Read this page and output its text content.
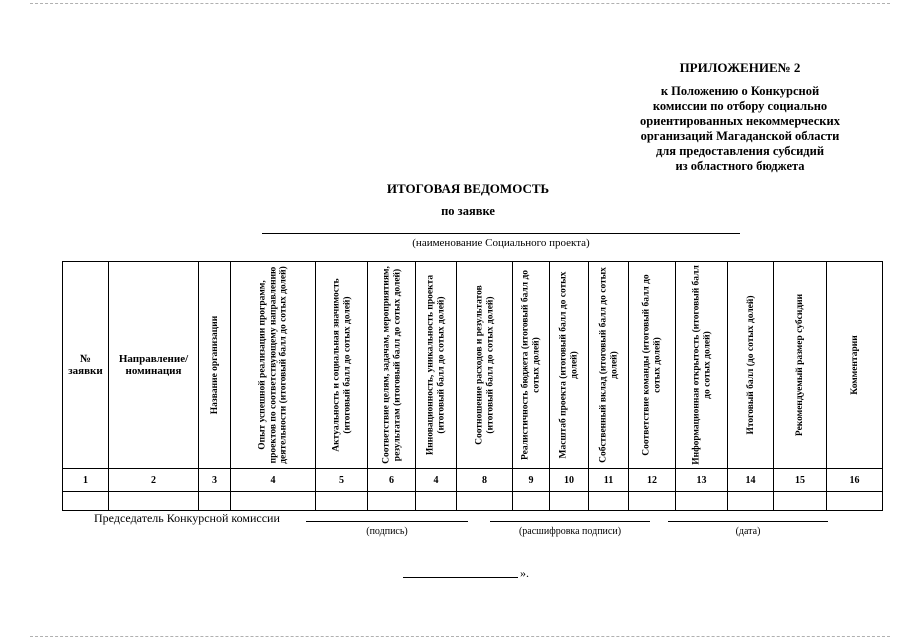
ПРИЛОЖЕНИЕ№ 2
к Положению о Конкурсной
комиссии по отбору социально
ориентированных некоммерческих
организаций Магаданской области
для предоставления субсидий
из областного бюджета
ИТОГОВАЯ ВЕДОМОСТЬ
по заявке
(наименование Социального проекта)
№ заявки	Направление/ номинация	Название организации	Опыт успешной реализации программ, проектов по соответствующему направлению деятельности (итоговый балл до сотых долей)	Актуальность и социальная значимость (итоговый балл до сотых долей)	Соответствие целям, задачам, мероприятиям, результатам (итоговый балл до сотых долей)	Инновационность, уникальность проекта (итоговый балл до сотых долей)	Соотношение расходов и результатов (итоговый балл до сотых долей)	Реалистичность бюджета (итоговый балл до сотых долей)	Масштаб проекта (итоговый балл до сотых долей)	Собственный вклад (итоговый балл до сотых долей)	Соответствие команды (итоговый балл до сотых долей)	Информационная открытость (итоговый балл до сотых долей)	Итоговый балл (до сотых долей)	Рекомендуемый размер субсидии	Комментарии

1	2	3	4	5	6	4	8	9	10	11	12	13	14	15	16

Председатель Конкурсной комиссии
(подпись)	(расшифровка подписи)	(дата)
».
